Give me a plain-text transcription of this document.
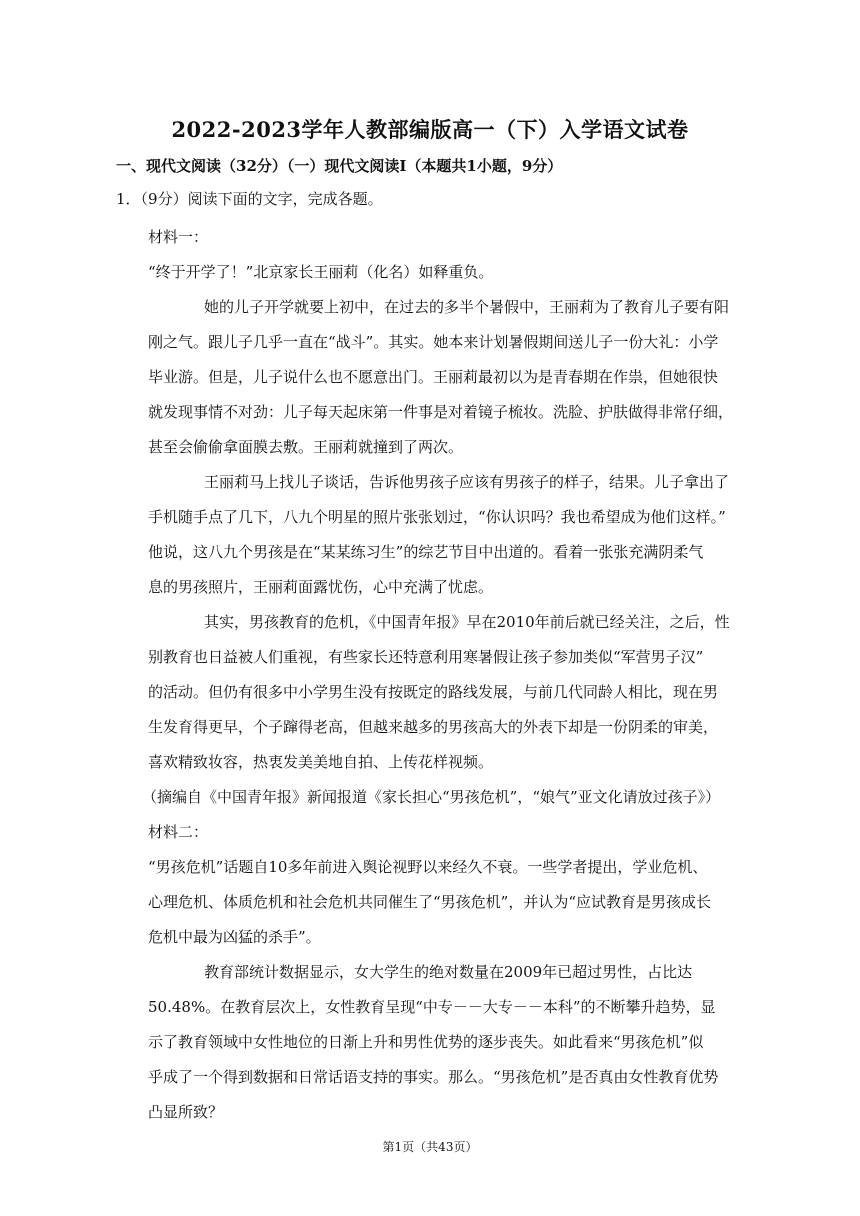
2022-2023学年人教部编版高一（下）入学语文试卷
一、现代文阅读（32分）（一）现代文阅读I（本题共1小题，9分）
1．（9分）阅读下面的文字，完成各题。
材料一：
“终于开学了！”北京家长王丽莉（化名）如释重负。
她的儿子开学就要上初中，在过去的多半个暑假中，王丽莉为了教育儿子要有阳
刚之气。跟儿子几乎一直在“战斗”。其实。她本来计划暑假期间送儿子一份大礼：小学
毕业游。但是，儿子说什么也不愿意出门。王丽莉最初以为是青春期在作祟，但她很快
就发现事情不对劲：儿子每天起床第一件事是对着镜子梳妆。洗脸、护肤做得非常仔细，
甚至会偷偷拿面膜去敷。王丽莉就撞到了两次。
王丽莉马上找儿子谈话，告诉他男孩子应该有男孩子的样子，结果。儿子拿出了
手机随手点了几下，八九个明星的照片张张划过，“你认识吗？我也希望成为他们这样。”
他说，这八九个男孩是在“某某练习生”的综艺节目中出道的。看着一张张充满阴柔气
息的男孩照片，王丽莉面露忧伤，心中充满了忧虑。
其实，男孩教育的危机，《中国青年报》早在2010年前后就已经关注，之后，性
别教育也日益被人们重视，有些家长还特意利用寒暑假让孩子参加类似“军营男子汉”
的活动。但仍有很多中小学男生没有按既定的路线发展，与前几代同龄人相比，现在男
生发育得更早，个子蹿得老高，但越来越多的男孩高大的外表下却是一份阴柔的审美，
喜欢精致妆容，热衷发美美地自拍、上传花样视频。
（摘编自《中国青年报》新闻报道《家长担心“男孩危机”，“娘气”亚文化请放过孩子》）
材料二：
“男孩危机”话题自10多年前进入舆论视野以来经久不衰。一些学者提出，学业危机、
心理危机、体质危机和社会危机共同催生了“男孩危机”，并认为“应试教育是男孩成长
危机中最为凶猛的杀手”。
教育部统计数据显示，女大学生的绝对数量在2009年已超过男性，占比达
50.48%。在教育层次上，女性教育呈现“中专－－大专－－本科”的不断攀升趋势，显
示了教育领域中女性地位的日渐上升和男性优势的逐步丧失。如此看来“男孩危机”似
乎成了一个得到数据和日常话语支持的事实。那么。“男孩危机”是否真由女性教育优势
凸显所致？
第1页（共43页）
